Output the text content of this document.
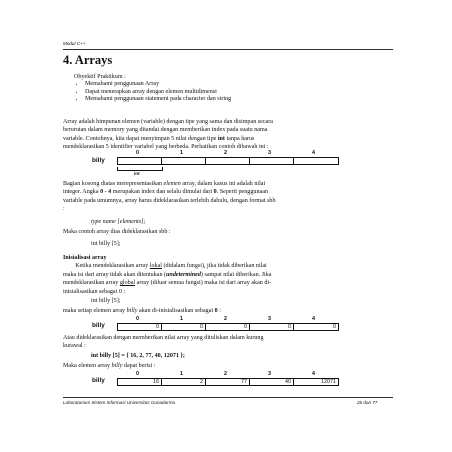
Modul C++
4. Arrays
Obyektif Praktikum :
• Memahami penggunaan Array
• Dapat menerapkan array dengan elemen multidimensi
• Memahami penggunaan statement pada character dan string
Array adalah himpunan elemen (variable) dengan tipe yang sama dan disimpan secara
berurutan dalam memory yang ditandai dengan memberikan index pada suatu nama
variable. Contohnya, kita dapat menyimpan 5 nilai dengan tipe int tanpa harus
mendeklarasikan 5 identifier variabel yang berbeda. Perhatikan contoh dibawah ini :
0	1	2	3	4
billy
int
Bagian kosong diatas merepresentasikan elemen array, dalam kasus ini adalah nilai
integer. Angka 0 - 4 merupakan index dan selalu dimulai dari 0. Seperti penggunaan
variable pada umumnya, array harus dideklarasikan terlebih dahulu, dengan format sbb
:
type name [elements];
Maka contoh array dias dideklarasikan sbb :
int billy [5];
Inisialisasi array
Ketika mendeklarasikan array lokal (didalam fungsi), jika tidak diberikan nilai
maka isi dari array tidak akan ditentukan (undetermined) sampai nilai diberikan. Jika
mendeklarasikan array global array (diluar semua fungsi) maka isi dari array akan di-
inisialisasikan sebagai 0 :
int billy [5];
maka setiap elemen array billy akan di-inisialisasikan sebagai 0 :
0	1	2	3	4
billy	0	0	0	0	0
Atau dideklarasikan dengan memberikan nilai array yang dituliskan dalam kurung
kurawal :
int billy [5] = { 16, 2, 77, 40, 12071 };
Maka elemen array billy dapat berisi :
0	1	2	3	4
billy	16	2	77	40	12071
Laboratorium Sistem Informasi Universitas Gunadarma	26 dari 77
